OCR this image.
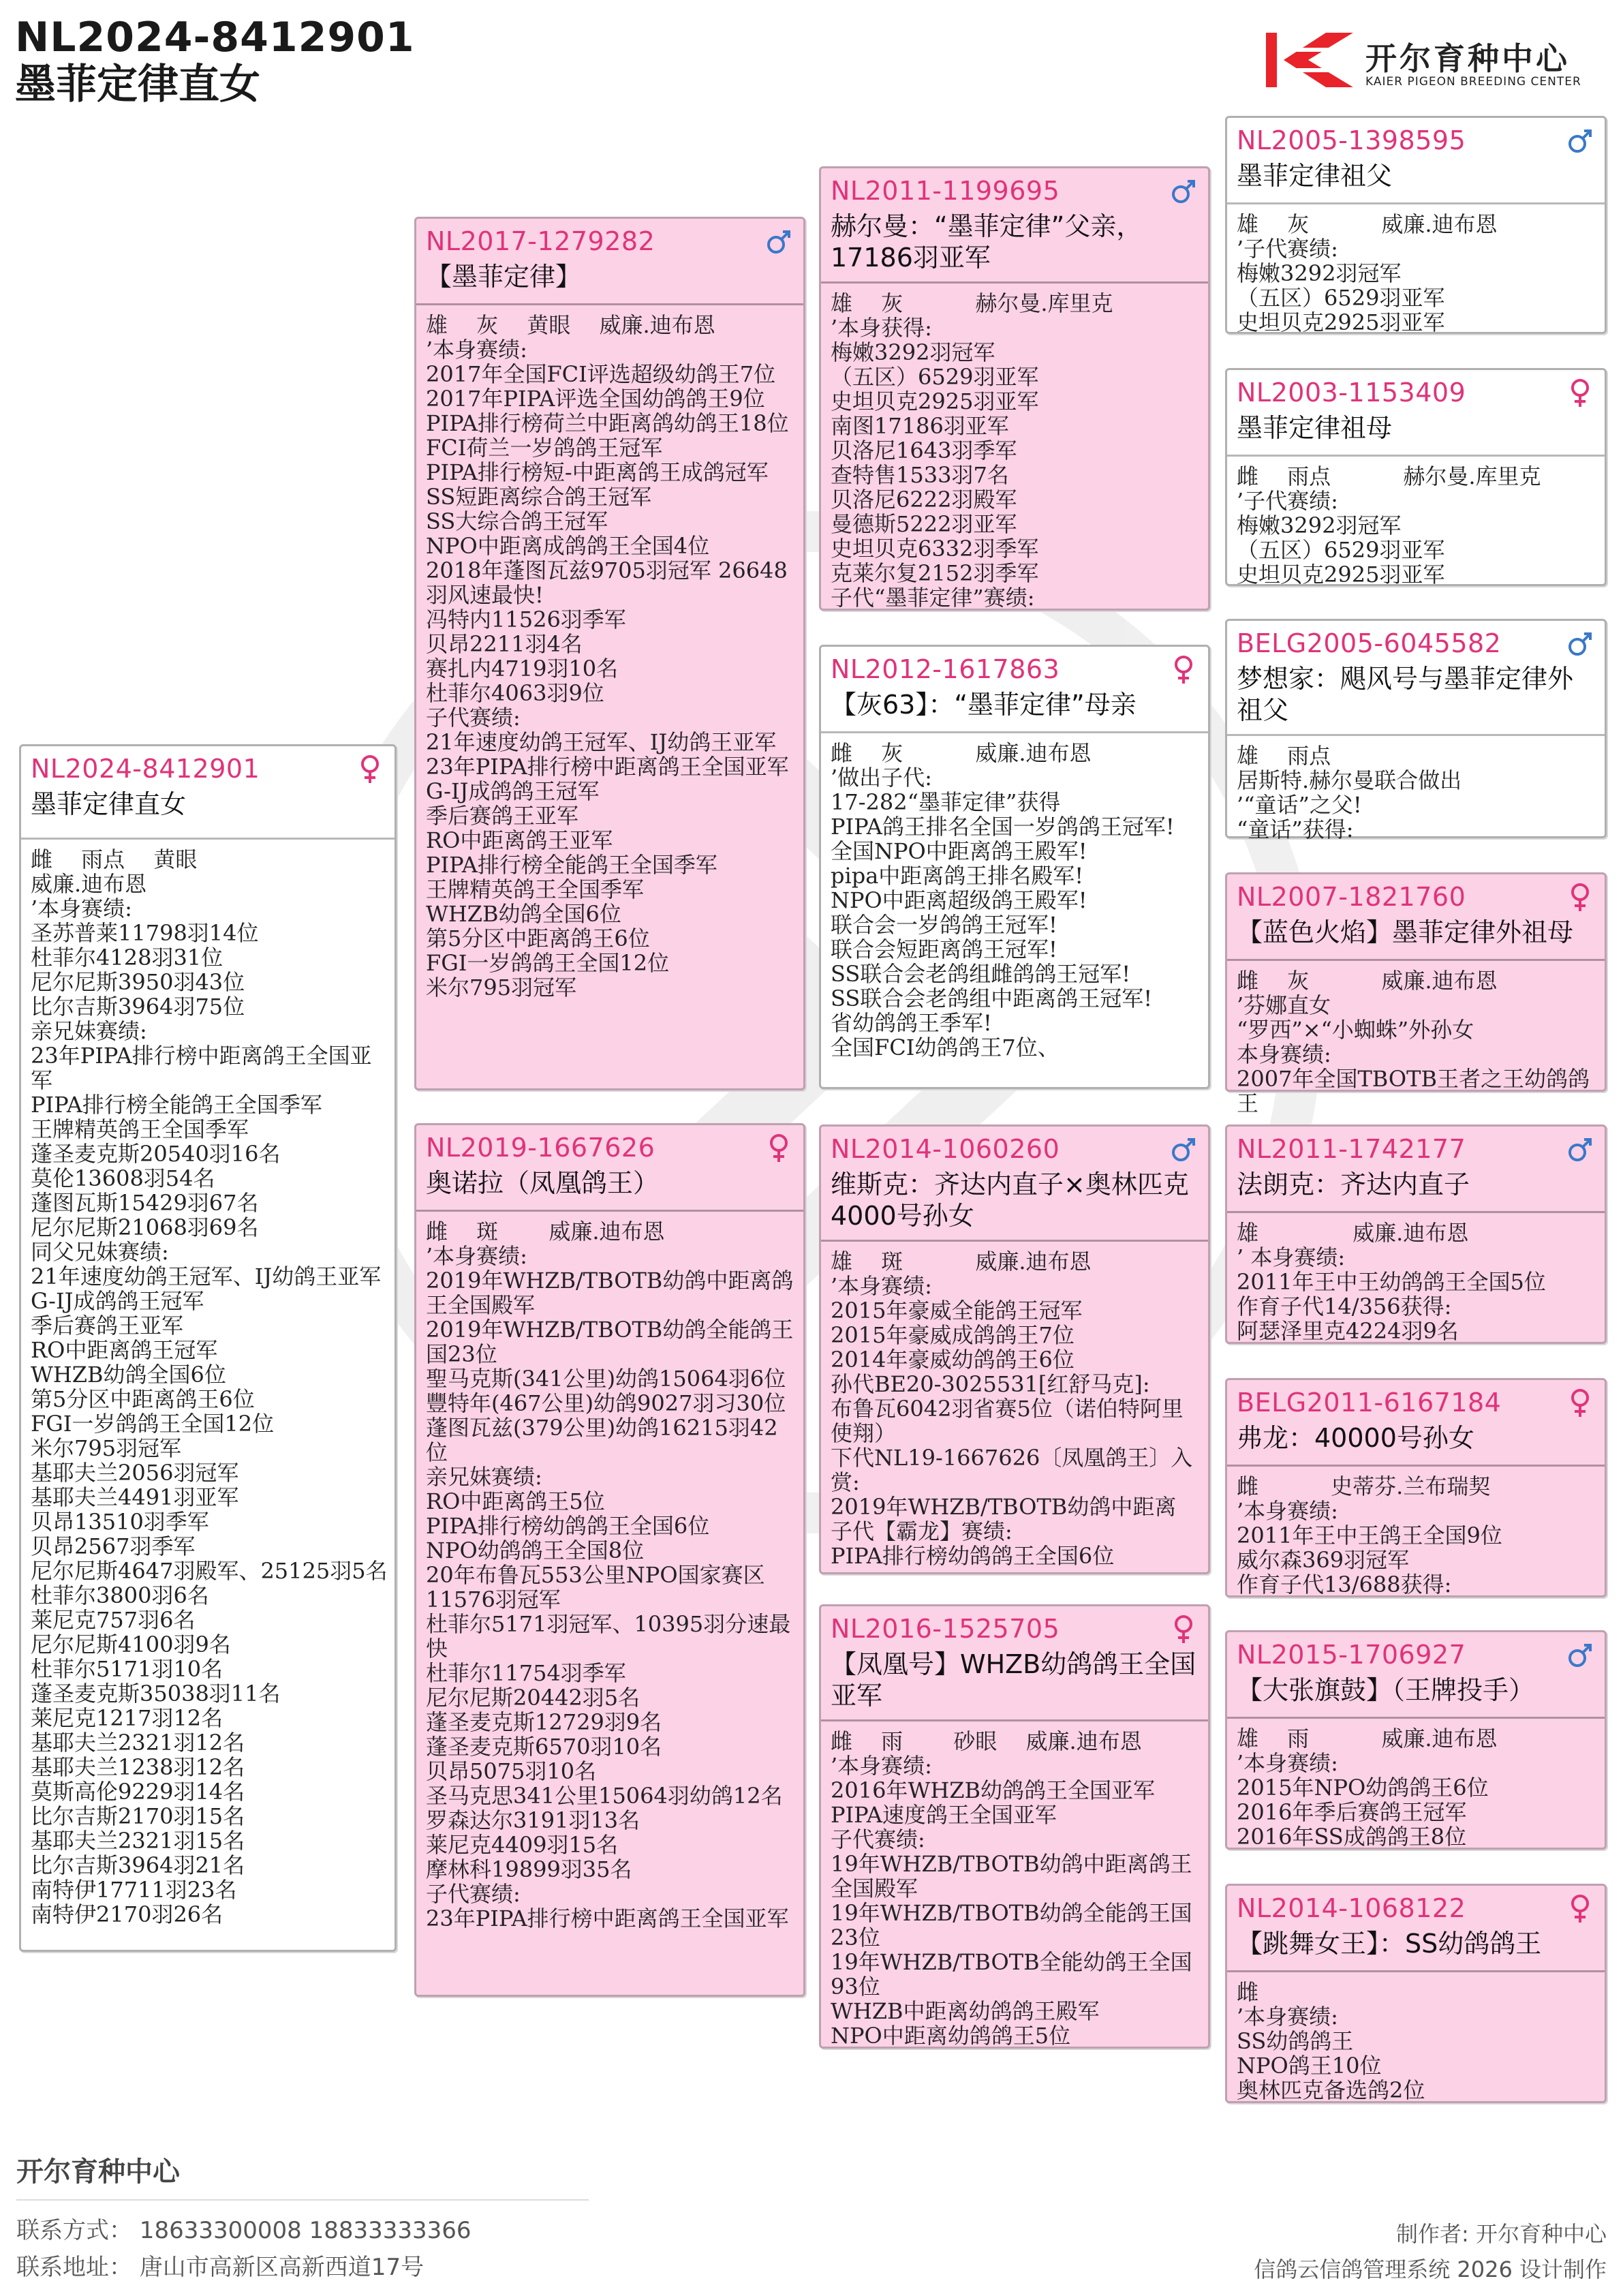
NL2024-8412901
墨菲定律直女
开尔育种中心
KAIER PIGEON BREEDING CENTER
NL2024-8412901
墨菲定律直女
雌　 雨点　 黄眼
威廉.迪布恩
’本身赛绩:
圣苏普莱11798羽14位
杜菲尔4128羽31位
尼尔尼斯3950羽43位
比尔吉斯3964羽75位
亲兄妹赛绩:
23年PIPA排行榜中距离鸽王全国亚军
PIPA排行榜全能鸽王全国季军
王牌精英鸽王全国季军
蓬圣麦克斯20540羽16名
莫伦13608羽54名
蓬图瓦斯15429羽67名
尼尔尼斯21068羽69名
同父兄妹赛绩:
21年速度幼鸽王冠军、IJ幼鸽王亚军
G-IJ成鸽鸽王冠军
季后赛鸽王亚军
RO中距离鸽王冠军
WHZB幼鸽全国6位
第5分区中距离鸽王6位
FGI一岁鸽鸽王全国12位
米尔795羽冠军
基耶夫兰2056羽冠军
基耶夫兰4491羽亚军
贝昂13510羽季军
贝昂2567羽季军
尼尔尼斯4647羽殿军、25125羽5名
杜菲尔3800羽6名
莱尼克757羽6名
尼尔尼斯4100羽9名
杜菲尔5171羽10名
蓬圣麦克斯35038羽11名
莱尼克1217羽12名
基耶夫兰2321羽12名
基耶夫兰1238羽12名
莫斯高伦9229羽14名
比尔吉斯2170羽15名
基耶夫兰2321羽15名
比尔吉斯3964羽21名
南特伊17711羽23名
南特伊2170羽26名
NL2017-1279282
【墨菲定律】
雄　 灰　 黄眼　 威廉.迪布恩
’本身赛绩:
2017年全国FCI评选超级幼鸽王7位
2017年PIPA评选全国幼鸽鸽王9位
PIPA排行榜荷兰中距离鸽幼鸽王18位
FCI荷兰一岁鸽鸽王冠军
PIPA排行榜短-中距离鸽王成鸽冠军
SS短距离综合鸽王冠军
SS大综合鸽王冠军
NPO中距离成鸽鸽王全国4位
2018年蓬图瓦兹9705羽冠军 26648羽风速最快!
冯特内11526羽季军
贝昂2211羽4名
赛扎内4719羽10名
杜菲尔4063羽9位
子代赛绩:
21年速度幼鸽王冠军、IJ幼鸽王亚军
23年PIPA排行榜中距离鸽王全国亚军
G-IJ成鸽鸽王冠军
季后赛鸽王亚军
RO中距离鸽王亚军
PIPA排行榜全能鸽王全国季军
王牌精英鸽王全国季军
WHZB幼鸽全国6位
第5分区中距离鸽王6位
FGI一岁鸽鸽王全国12位
米尔795羽冠军
NL2019-1667626
奥诺拉（凤凰鸽王）
雌　 斑　　 威廉.迪布恩
’本身赛绩:
2019年WHZB/TBOTB幼鸽中距离鸽王全国殿军
2019年WHZB/TBOTB幼鸽全能鸽王国23位
聖马克斯(341公里)幼鸽15064羽6位
豐特年(467公里)幼鸽9027羽习30位
蓬图瓦兹(379公里)幼鸽16215羽42位
亲兄妹赛绩:
RO中距离鸽王5位
PIPA排行榜幼鸽鸽王全国6位
NPO幼鸽鸽王全国8位
20年布鲁瓦553公里NPO国家赛区11576羽冠军
杜菲尔5171羽冠军、10395羽分速最快
杜菲尔11754羽季军
尼尔尼斯20442羽5名
蓬圣麦克斯12729羽9名
蓬圣麦克斯6570羽10名
贝昂5075羽10名
圣马克思341公里15064羽幼鸽12名
罗森达尔3191羽13名
莱尼克4409羽15名
摩林科19899羽35名
子代赛绩:
23年PIPA排行榜中距离鸽王全国亚军
NL2011-1199695
赫尔曼：“墨菲定律”父亲，17186羽亚军
雄　 灰　　　 赫尔曼.库里克
’本身获得:
梅嫩3292羽冠军
（五区）6529羽亚军
史坦贝克2925羽亚军
南图17186羽亚军
贝洛尼1643羽季军
查特售1533羽7名
贝洛尼6222羽殿军
曼德斯5222羽亚军
史坦贝克6332羽季军
克莱尔复2152羽季军
子代“墨菲定律”赛绩:
NL2012-1617863
【灰63】：“墨菲定律”母亲
雌　 灰　　　 威廉.迪布恩
’做出子代:
17-282“墨菲定律”获得
PIPA鸽王排名全国一岁鸽鸽王冠军!
全国NPO中距离鸽王殿军!
pipa中距离鸽王排名殿军!
NPO中距离超级鸽王殿军!
联合会一岁鸽鸽王冠军!
联合会短距离鸽王冠军!
SS联合会老鸽组雌鸽鸽王冠军!
SS联合会老鸽组中距离鸽王冠军!
省幼鸽鸽王季军!
全国FCI幼鸽鸽王7位、
NL2014-1060260
维斯克：齐达内直子×奥林匹克4000号孙女
雄　 斑　　　 威廉.迪布恩
’本身赛绩:
2015年豪威全能鸽王冠军
2015年豪威成鸽鸽王7位
2014年豪威幼鸽鸽王6位
孙代BE20-3025531[红舒马克]:
布鲁瓦6042羽省赛5位（诺伯特阿里使翔）
下代NL19-1667626〔凤凰鸽王〕入赏:
2019年WHZB/TBOTB幼鸽中距离
子代【霸龙】赛绩:
PIPA排行榜幼鸽鸽王全国6位
NL2016-1525705
【凤凰号】WHZB幼鸽鸽王全国亚军
雌　 雨　　 砂眼　 威廉.迪布恩
’本身赛绩:
2016年WHZB幼鸽鸽王全国亚军
PIPA速度鸽王全国亚军
子代赛绩:
19年WHZB/TBOTB幼鸽中距离鸽王全国殿军
19年WHZB/TBOTB幼鸽全能鸽王国23位
19年WHZB/TBOTB全能幼鸽王全国93位
WHZB中距离幼鸽鸽王殿军
NPO中距离幼鸽鸽王5位
NL2005-1398595
墨菲定律祖父
雄　 灰　　　 威廉.迪布恩
’子代赛绩:
梅嫩3292羽冠军
（五区）6529羽亚军
史坦贝克2925羽亚军
NL2003-1153409
墨菲定律祖母
雌　 雨点　　　 赫尔曼.库里克
’子代赛绩:
梅嫩3292羽冠军
（五区）6529羽亚军
史坦贝克2925羽亚军
BELG2005-6045582
梦想家：飓风号与墨菲定律外祖父
雄　 雨点
居斯特.赫尔曼联合做出
’“童话”之父!
“童话”获得:
NL2007-1821760
【蓝色火焰】墨菲定律外祖母
雌　 灰　　　 威廉.迪布恩
’芬娜直女
“罗西”×“小蜘蛛”外孙女
本身赛绩:
2007年全国TBOTB王者之王幼鸽鸽王
NL2011-1742177
法朗克：齐达内直子
雄　　　　 威廉.迪布恩
’ 本身赛绩:
2011年王中王幼鸽鸽王全国5位
作育子代14/356获得:
阿瑟泽里克4224羽9名
BELG2011-6167184
弗龙：40000号孙女
雌　　　 史蒂芬.兰布瑞契
’本身赛绩:
2011年王中王鸽王全国9位
威尔森369羽冠军
作育子代13/688获得:
NL2015-1706927
【大张旗鼓】（王牌投手）
雄　 雨　　　 威廉.迪布恩
’本身赛绩:
2015年NPO幼鸽鸽王6位
2016年季后赛鸽王冠军
2016年SS成鸽鸽王8位
NL2014-1068122
【跳舞女王】：SS幼鸽鸽王
雌
’本身赛绩:
SS幼鸽鸽王
NPO鸽王10位
奥林匹克备选鸽2位
开尔育种中心
联系方式： 18633300008 18833333366
联系地址： 唐山市高新区高新西道17号
制作者: 开尔育种中心
信鸽云信鸽管理系统 2026 设计制作
